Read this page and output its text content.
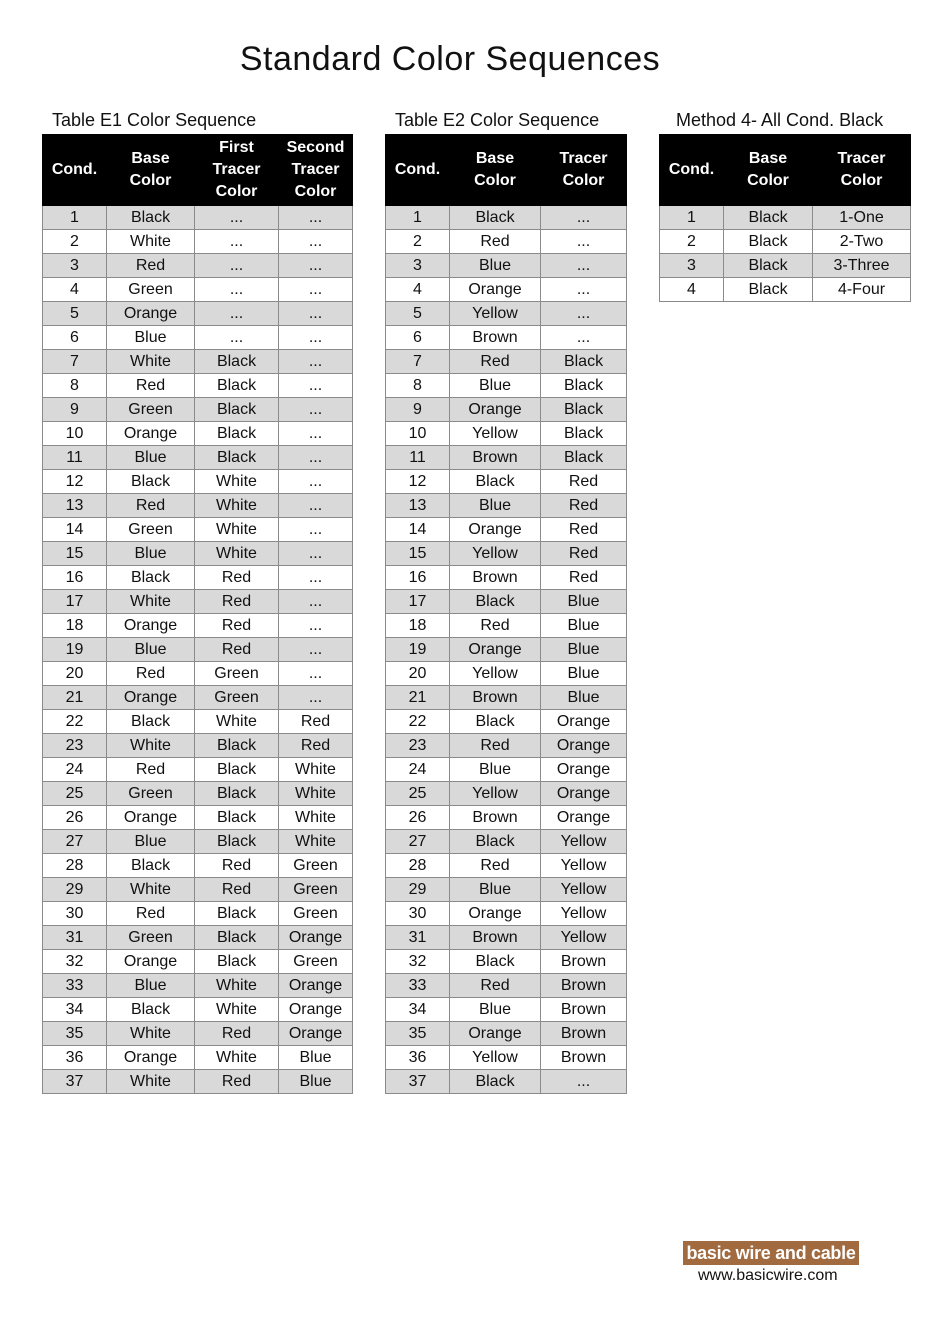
Standard Color Sequences
Table E1 Color Sequence	Table E2 Color Sequence	Method 4- All Cond. Black
Cond.	Base Color	First Tracer Color	Second Tracer Color
1	Black	...	...
2	White	...	...
3	Red	...	...
4	Green	...	...
5	Orange	...	...
6	Blue	...	...
7	White	Black	...
8	Red	Black	...
9	Green	Black	...
10	Orange	Black	...
11	Blue	Black	...
12	Black	White	...
13	Red	White	...
14	Green	White	...
15	Blue	White	...
16	Black	Red	...
17	White	Red	...
18	Orange	Red	...
19	Blue	Red	...
20	Red	Green	...
21	Orange	Green	...
22	Black	White	Red
23	White	Black	Red
24	Red	Black	White
25	Green	Black	White
26	Orange	Black	White
27	Blue	Black	White
28	Black	Red	Green
29	White	Red	Green
30	Red	Black	Green
31	Green	Black	Orange
32	Orange	Black	Green
33	Blue	White	Orange
34	Black	White	Orange
35	White	Red	Orange
36	Orange	White	Blue
37	White	Red	Blue
Cond.	Base Color	Tracer Color
1	Black	...
2	Red	...
3	Blue	...
4	Orange	...
5	Yellow	...
6	Brown	...
7	Red	Black
8	Blue	Black
9	Orange	Black
10	Yellow	Black
11	Brown	Black
12	Black	Red
13	Blue	Red
14	Orange	Red
15	Yellow	Red
16	Brown	Red
17	Black	Blue
18	Red	Blue
19	Orange	Blue
20	Yellow	Blue
21	Brown	Blue
22	Black	Orange
23	Red	Orange
24	Blue	Orange
25	Yellow	Orange
26	Brown	Orange
27	Black	Yellow
28	Red	Yellow
29	Blue	Yellow
30	Orange	Yellow
31	Brown	Yellow
32	Black	Brown
33	Red	Brown
34	Blue	Brown
35	Orange	Brown
36	Yellow	Brown
37	Black	...
Cond.	Base Color	Tracer Color
1	Black	1-One
2	Black	2-Two
3	Black	3-Three
4	Black	4-Four
basic wire and cable
www.basicwire.com
